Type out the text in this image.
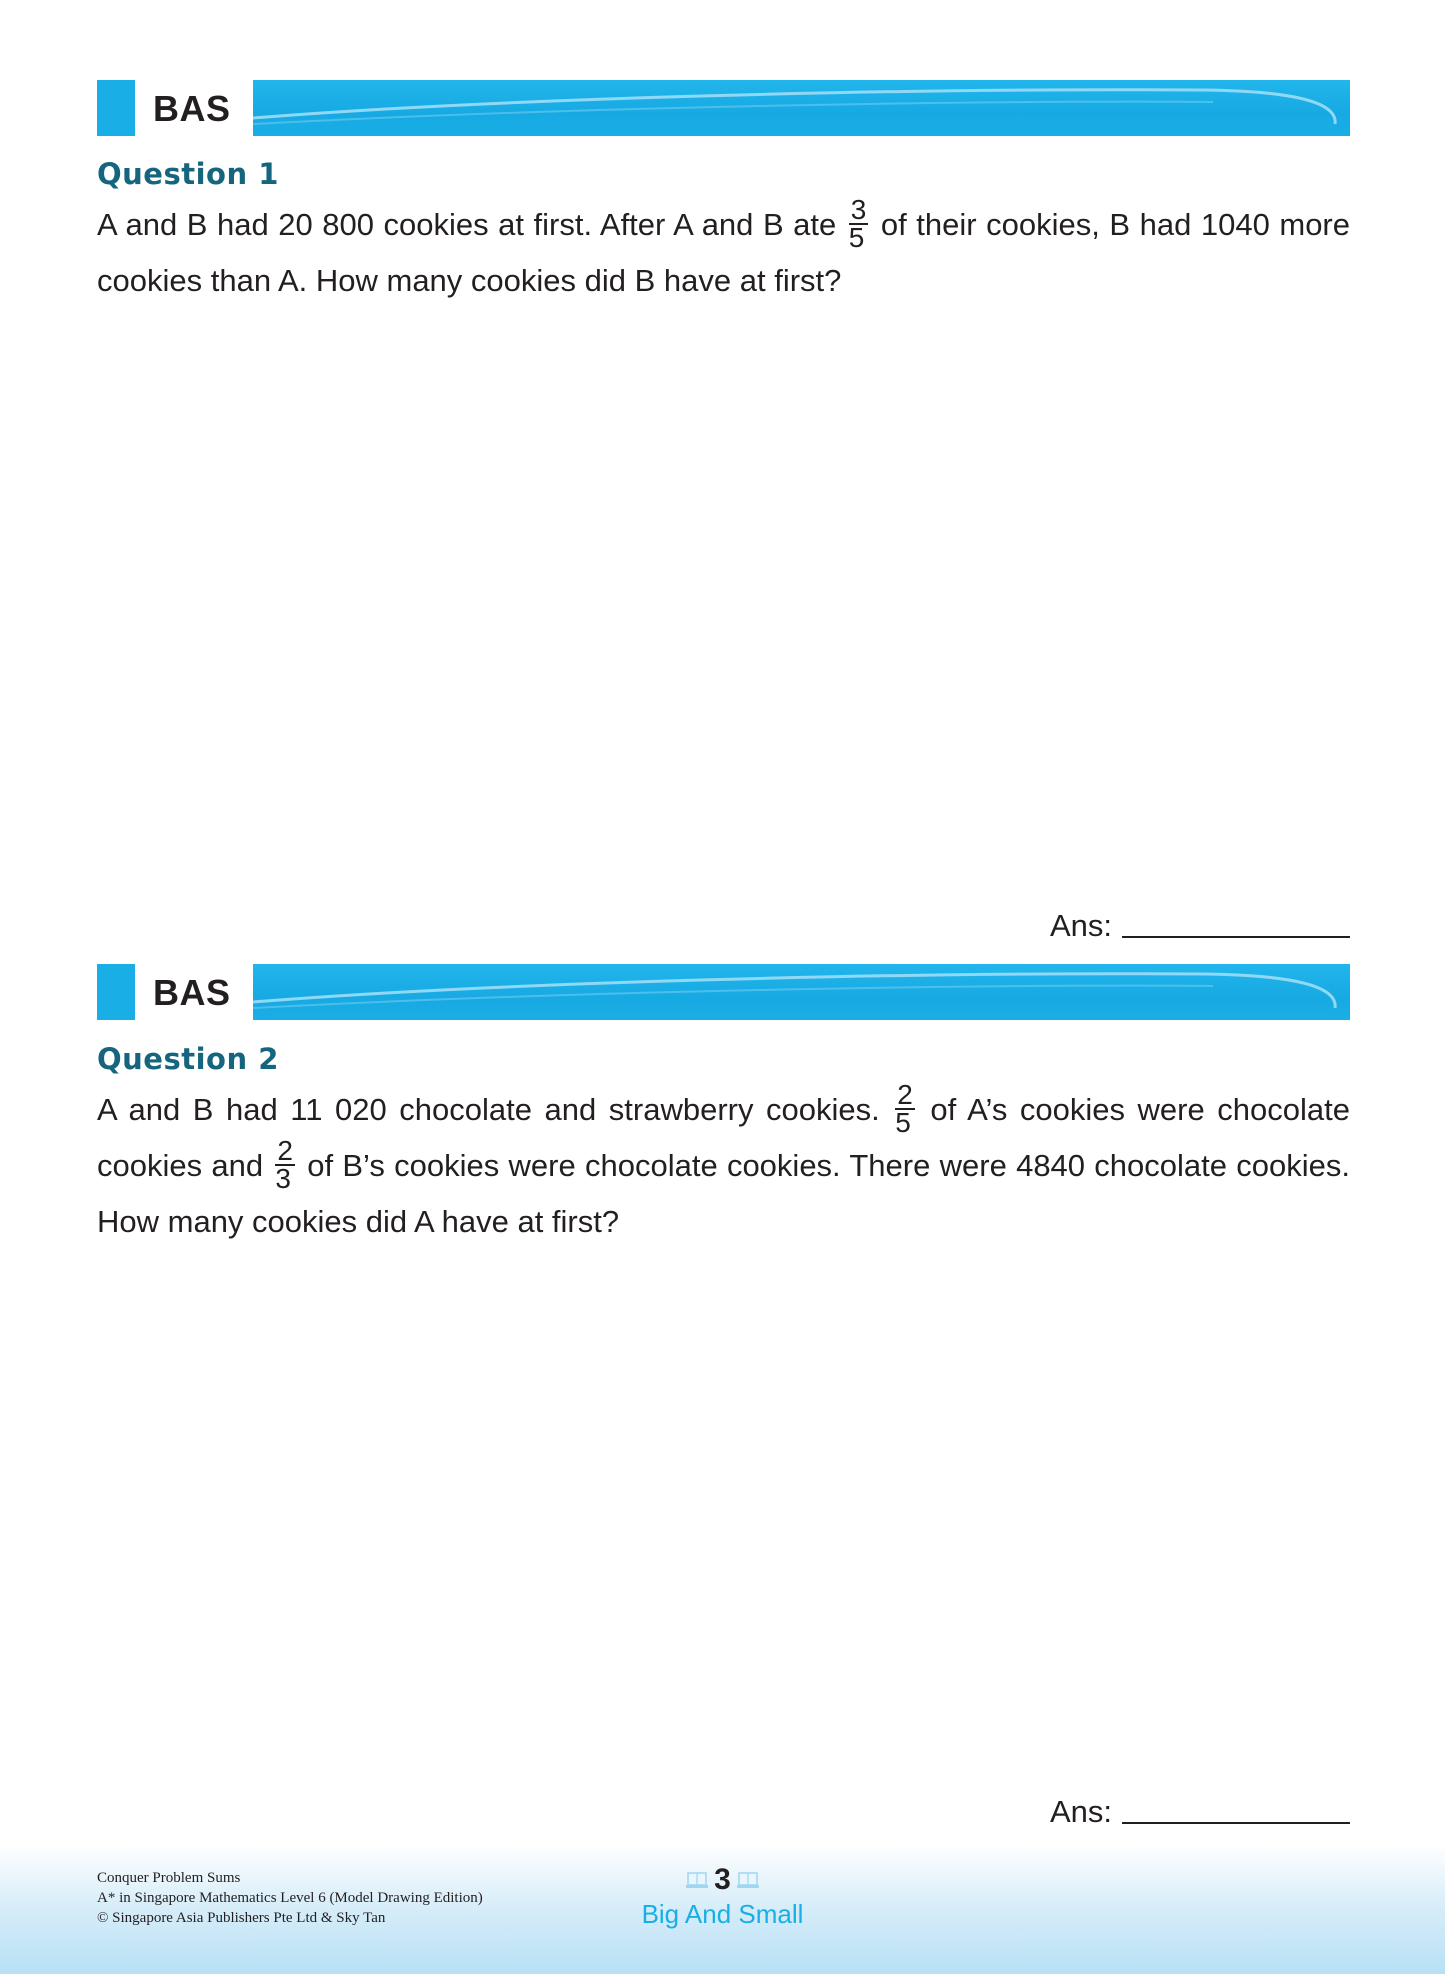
BAS
Question 1
A and B had 20 800 cookies at first. After A and B ate $\frac{3}{5}$ of their cookies, B had 1040 more cookies than A. How many cookies did B have at first?
Ans:
BAS
Question 2
A and B had 11 020 chocolate and strawberry cookies. $\frac{2}{5}$ of A’s cookies were chocolate cookies and $\frac{2}{3}$ of B’s cookies were chocolate cookies. There were 4840 chocolate cookies. How many cookies did A have at first?
Ans:
Conquer Problem Sums
A* in Singapore Mathematics Level 6 (Model Drawing Edition)
© Singapore Asia Publishers Pte Ltd & Sky Tan
3
Big And Small
